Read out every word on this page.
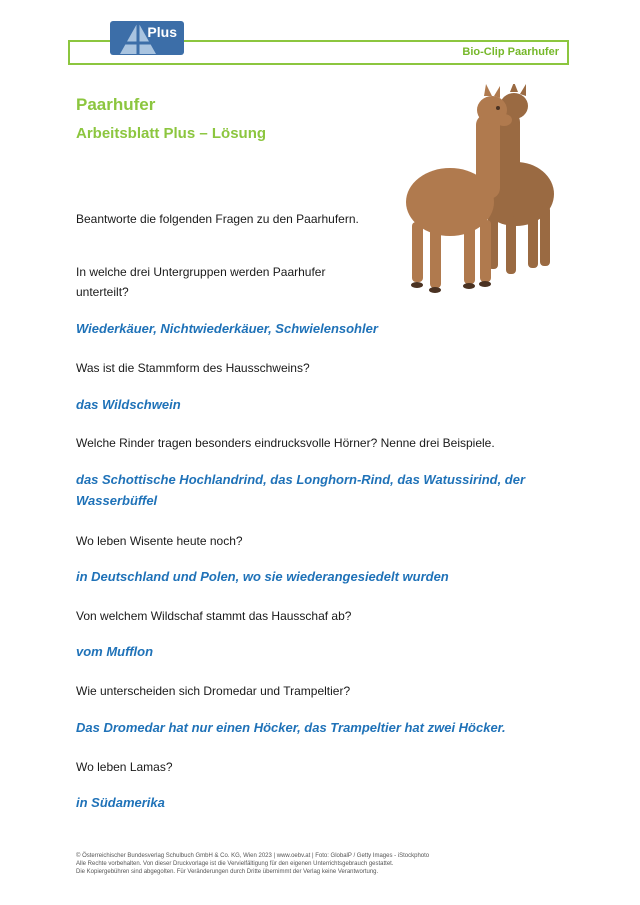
Bio-Clip Paarhufer
Plus
Paarhufer
Arbeitsblatt Plus – Lösung
Beantworte die folgenden Fragen zu den Paarhufern.
In welche drei Untergruppen werden Paarhufer unterteilt?
Wiederkäuer, Nichtwiederkäuer, Schwielensohler
Was ist die Stammform des Hausschweins?
das Wildschwein
Welche Rinder tragen besonders eindrucksvolle Hörner? Nenne drei Beispiele.
das Schottische Hochlandrind, das Longhorn-Rind, das Watussirind, der Wasserbüffel
Wo leben Wisente heute noch?
in Deutschland und Polen, wo sie wiederangesiedelt wurden
Von welchem Wildschaf stammt das Hausschaf ab?
vom Mufflon
Wie unterscheiden sich Dromedar und Trampeltier?
Das Dromedar hat nur einen Höcker, das Trampeltier hat zwei Höcker.
Wo leben Lamas?
in Südamerika
© Österreichischer Bundesverlag Schulbuch GmbH & Co. KG, Wien 2023 | www.oebv.at | Foto: GlobalP / Getty Images - iStockphoto
Alle Rechte vorbehalten. Von dieser Druckvorlage ist die Vervielfältigung für den eigenen Unterrichtsgebrauch gestattet.
Die Kopiergebühren sind abgegolten. Für Veränderungen durch Dritte übernimmt der Verlag keine Verantwortung.
